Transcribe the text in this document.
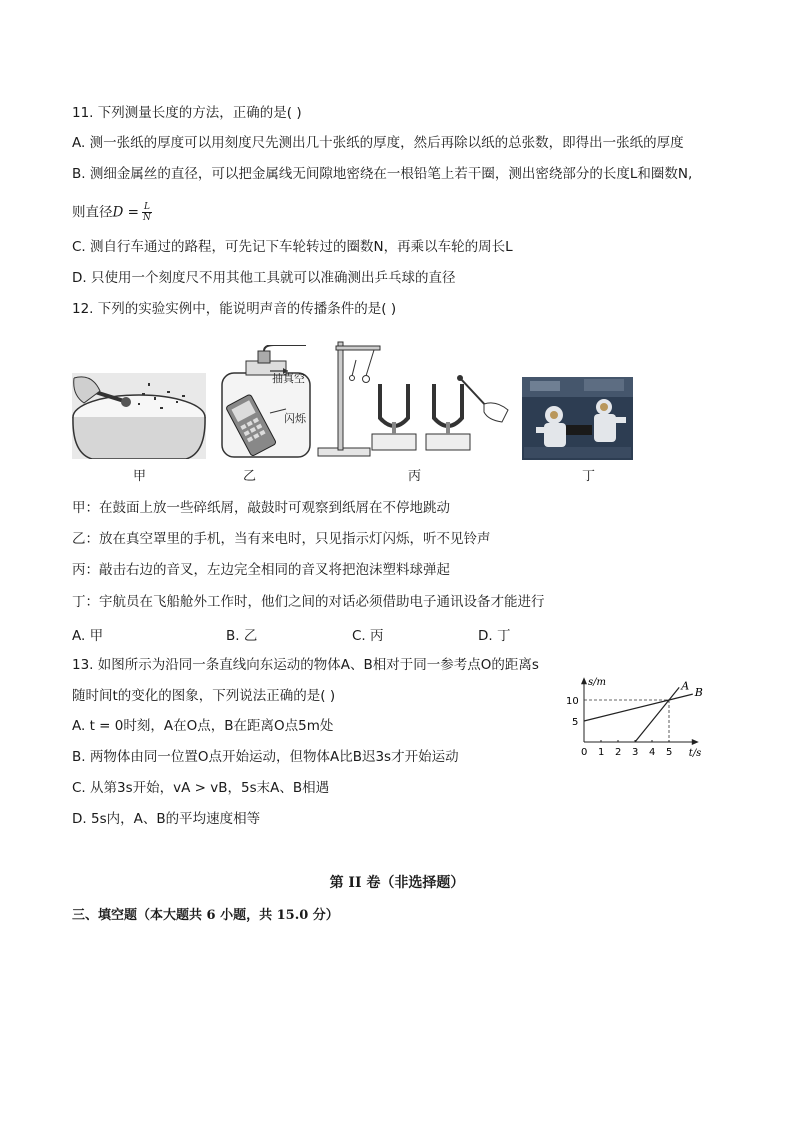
11. 下列测量长度的方法，正确的是( )
A. 测一张纸的厚度可以用刻度尺先测出几十张纸的厚度，然后再除以纸的总张数，即得出一张纸的厚度
B. 测细金属丝的直径，可以把金属线无间隙地密绕在一根铅笔上若干圈，测出密绕部分的长度L和圈数N,
则直径$D = \frac{L}{N}$
C. 测自行车通过的路程，可先记下车轮转过的圈数N，再乘以车轮的周长L
D. 只使用一个刻度尺不用其他工具就可以准确测出乒乓球的直径
12. 下列的实验实例中，能说明声音的传播条件的是( )
抽真空
闪烁
甲	乙	丙	丁
甲：在鼓面上放一些碎纸屑，敲鼓时可观察到纸屑在不停地跳动
乙：放在真空罩里的手机，当有来电时，只见指示灯闪烁，听不见铃声
丙：敲击右边的音叉，左边完全相同的音叉将把泡沫塑料球弹起
丁：宇航员在飞船舱外工作时，他们之间的对话必须借助电子通讯设备才能进行
A. 甲	B. 乙	C. 丙	D. 丁
13. 如图所示为沿同一条直线向东运动的物体A、B相对于同一参考点O的距离s
随时间t的变化的图象，下列说法正确的是( )
A. t = 0时刻，A在O点，B在距离O点5m处
B. 两物体由同一位置O点开始运动，但物体A比B迟3s才开始运动
C. 从第3s开始，vA > vB，5s末A、B相遇
D. 5s内，A、B的平均速度相等
t/s
s/m	A
B
0 1 2 3 4 5
5
10
第 II 卷（非选择题）
三、填空题（本大题共 6 小题，共 15.0 分）
